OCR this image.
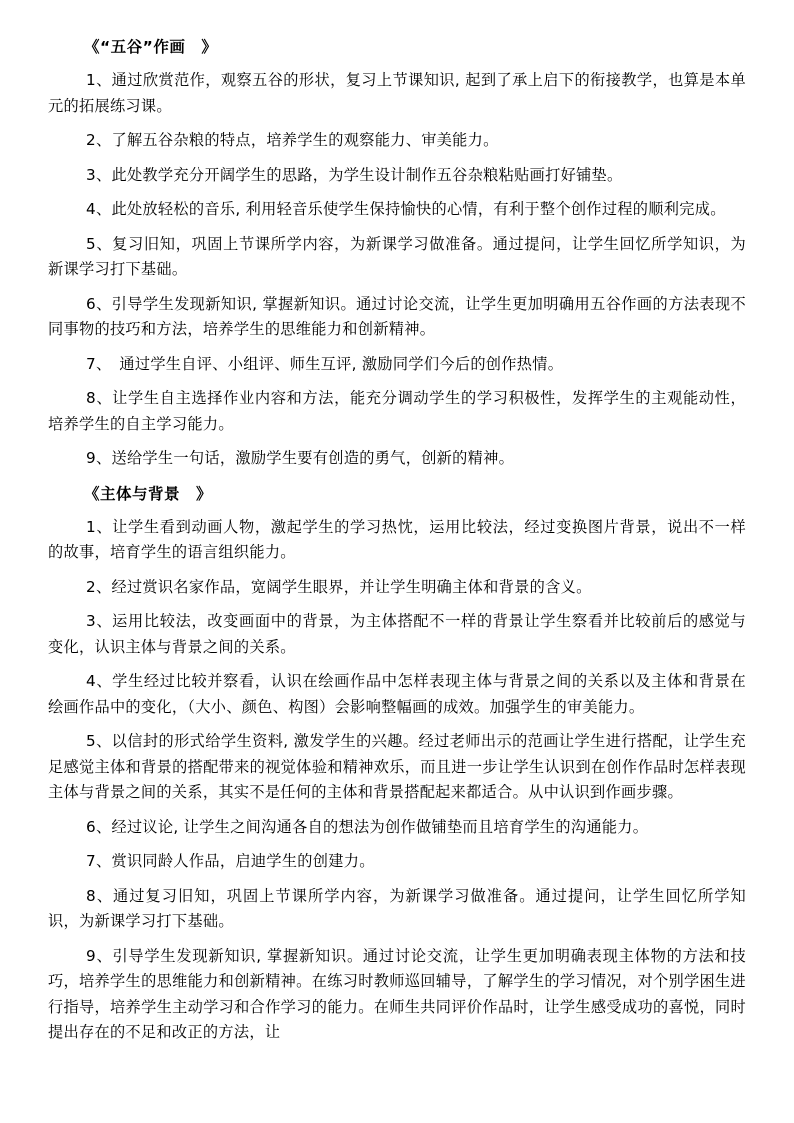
《“五谷”作画　》

1、通过欣赏范作，观察五谷的形状，复习上节课知识, 起到了承上启下的衔接教学，也算是本单元的拓展练习课。

2、了解五谷杂粮的特点，培养学生的观察能力、审美能力。

3、此处教学充分开阔学生的思路，为学生设计制作五谷杂粮粘贴画打好铺垫。

4、此处放轻松的音乐, 利用轻音乐使学生保持愉快的心情，有利于整个创作过程的顺利完成。

5、复习旧知，巩固上节课所学内容，为新课学习做准备。通过提问，让学生回忆所学知识，为新课学习打下基础。

6、引导学生发现新知识, 掌握新知识。通过讨论交流，让学生更加明确用五谷作画的方法表现不同事物的技巧和方法，培养学生的思维能力和创新精神。

7、　通过学生自评、小组评、师生互评, 激励同学们今后的创作热情。

8、让学生自主选择作业内容和方法，能充分调动学生的学习积极性，发挥学生的主观能动性，培养学生的自主学习能力。

9、送给学生一句话，激励学生要有创造的勇气，创新的精神。

《主体与背景　》

1、让学生看到动画人物，激起学生的学习热忱，运用比较法，经过变换图片背景，说出不一样的故事，培育学生的语言组织能力。

2、经过赏识名家作品，宽阔学生眼界，并让学生明确主体和背景的含义。

3、运用比较法，改变画面中的背景，为主体搭配不一样的背景让学生察看并比较前后的感觉与变化，认识主体与背景之间的关系。

4、学生经过比较并察看，认识在绘画作品中怎样表现主体与背景之间的关系以及主体和背景在绘画作品中的变化，（大小、颜色、构图）会影响整幅画的成效。加强学生的审美能力。

5、以信封的形式给学生资料, 激发学生的兴趣。经过老师出示的范画让学生进行搭配，让学生充足感觉主体和背景的搭配带来的视觉体验和精神欢乐，而且进一步让学生认识到在创作作品时怎样表现主体与背景之间的关系，其实不是任何的主体和背景搭配起来都适合。从中认识到作画步骤。

6、经过议论, 让学生之间沟通各自的想法为创作做铺垫而且培育学生的沟通能力。

7、赏识同龄人作品，启迪学生的创建力。

8、通过复习旧知，巩固上节课所学内容，为新课学习做准备。通过提问，让学生回忆所学知识，为新课学习打下基础。

9、引导学生发现新知识, 掌握新知识。通过讨论交流，让学生更加明确表现主体物的方法和技巧，培养学生的思维能力和创新精神。在练习时教师巡回辅导，了解学生的学习情况，对个别学困生进行指导，培养学生主动学习和合作学习的能力。在师生共同评价作品时，让学生感受成功的喜悦，同时提出存在的不足和改正的方法，让
